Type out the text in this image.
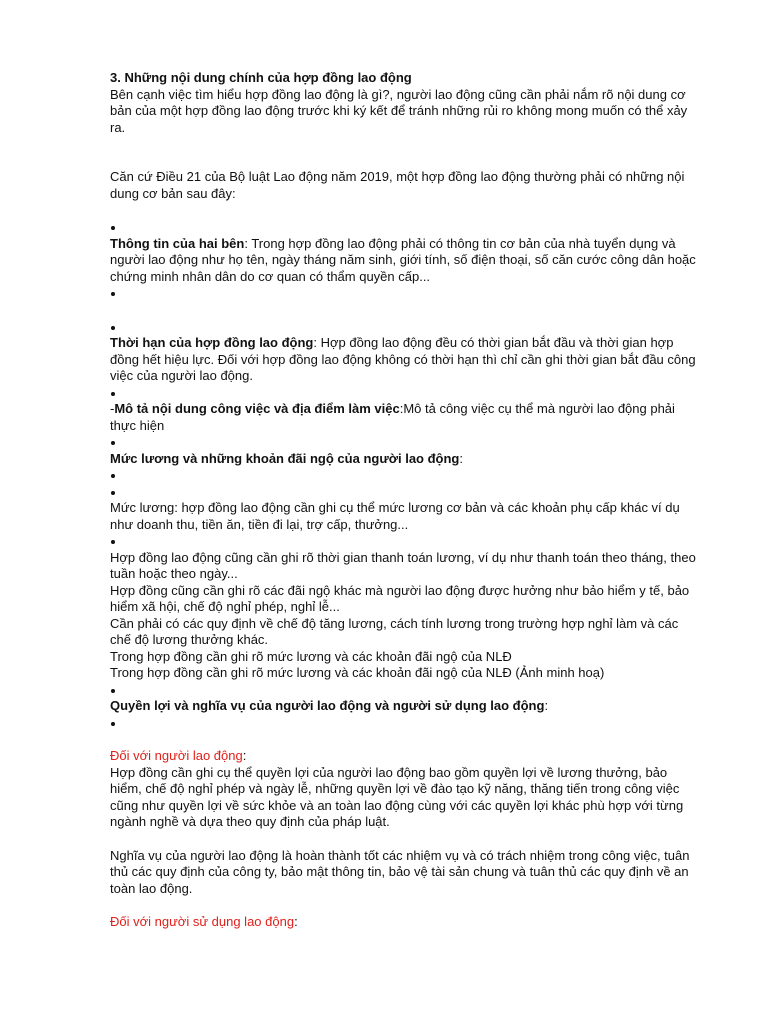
3. Những nội dung chính của hợp đồng lao động

Bên cạnh việc tìm hiểu hợp đồng lao động là gì?, người lao động cũng cần phải nắm rõ nội dung cơ bản của một hợp đồng lao động trước khi ký kết để tránh những rủi ro không mong muốn có thể xảy ra.

Căn cứ Điều 21 của Bộ luật Lao động năm 2019, một hợp đồng lao động thường phải có những nội dung cơ bản sau đây:

Thông tin của hai bên: Trong hợp đồng lao động phải có thông tin cơ bản của nhà tuyển dụng và người lao động như họ tên, ngày tháng năm sinh, giới tính, số điện thoại, số căn cước công dân hoặc chứng minh nhân dân do cơ quan có thẩm quyền cấp...

Thời hạn của hợp đồng lao động: Hợp đồng lao động đều có thời gian bắt đầu và thời gian hợp đồng hết hiệu lực. Đối với hợp đồng lao động không có thời hạn thì chỉ cần ghi thời gian bắt đầu công việc của người lao động.

-Mô tả nội dung công việc và địa điểm làm việc:Mô tả công việc cụ thể mà người lao động phải thực hiện

Mức lương và những khoản đãi ngộ của người lao động:

Mức lương: hợp đồng lao động cần ghi cụ thể mức lương cơ bản và các khoản phụ cấp khác ví dụ như doanh thu, tiền ăn, tiền đi lại, trợ cấp, thưởng...

Hợp đồng lao động cũng cần ghi rõ thời gian thanh toán lương, ví dụ như thanh toán theo tháng, theo tuần hoặc theo ngày...

Hợp đồng cũng cần ghi rõ các đãi ngộ khác mà người lao động được hưởng như bảo hiểm y tế, bảo hiểm xã hội, chế độ nghỉ phép, nghỉ lễ...

Cần phải có các quy định về chế độ tăng lương, cách tính lương trong trường hợp nghỉ làm và các chế độ lương thưởng khác.

Trong hợp đồng cần ghi rõ mức lương và các khoản đãi ngộ của NLĐ

Trong hợp đồng cần ghi rõ mức lương và các khoản đãi ngộ của NLĐ (Ảnh minh hoạ)

Quyền lợi và nghĩa vụ của người lao động và người sử dụng lao động:

Đối với người lao động:

Hợp đồng cần ghi cụ thể quyền lợi của người lao động bao gồm quyền lợi về lương thưởng, bảo hiểm, chế độ nghỉ phép và ngày lễ, những quyền lợi về đào tạo kỹ năng, thăng tiến trong công việc cũng như quyền lợi về sức khỏe và an toàn lao động cùng với các quyền lợi khác phù hợp với từng ngành nghề và dựa theo quy định của pháp luật.

Nghĩa vụ của người lao động là hoàn thành tốt các nhiệm vụ và có trách nhiệm trong công việc, tuân thủ các quy định của công ty, bảo mật thông tin, bảo vệ tài sản chung và tuân thủ các quy định về an toàn lao động.

Đối với người sử dụng lao động:
